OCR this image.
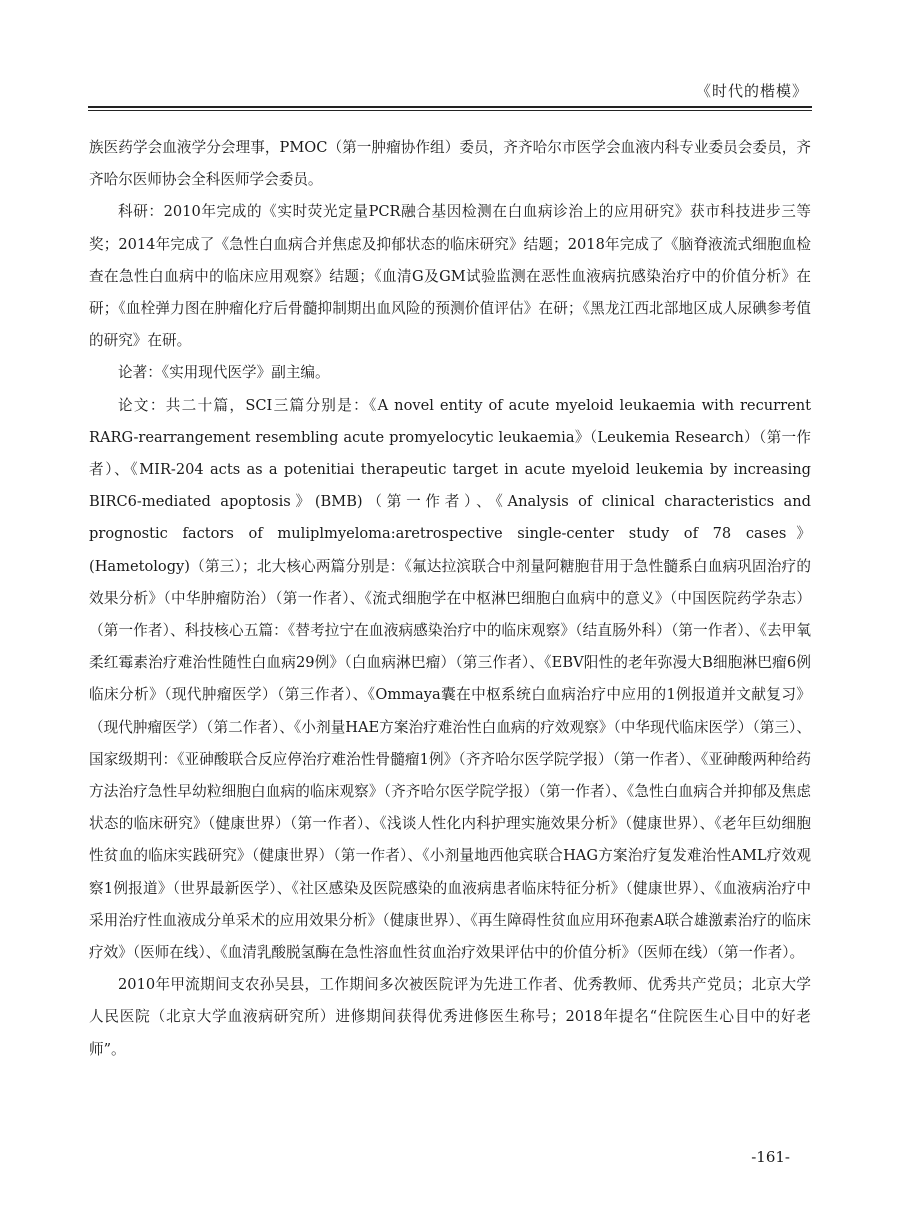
《时代的楷模》

族医药学会血液学分会理事，PMOC（第一肿瘤协作组）委员，齐齐哈尔市医学会血液内科专业委员会委员，齐齐哈尔医师协会全科医师学会委员。

科研：2010年完成的《实时荧光定量PCR融合基因检测在白血病诊治上的应用研究》获市科技进步三等奖；2014年完成了《急性白血病合并焦虑及抑郁状态的临床研究》结题；2018年完成了《脑脊液流式细胞血检查在急性白血病中的临床应用观察》结题；《血清G及GM试验监测在恶性血液病抗感染治疗中的价值分析》在研；《血栓弹力图在肿瘤化疗后骨髓抑制期出血风险的预测价值评估》在研；《黑龙江西北部地区成人尿碘参考值的研究》在研。

论著：《实用现代医学》副主编。

论文：共二十篇，SCI三篇分别是：《A novel entity of acute myeloid leukaemia with recurrent RARG-rearrangement resembling acute promyelocytic leukaemia》（Leukemia Research）（第一作者）、《MIR-204 acts as a potenitiai therapeutic target in acute myeloid leukemia by increasing BIRC6-mediated apoptosis》(BMB)（第一作者）、《Analysis of clinical characteristics and prognostic factors of muliplmyeloma:aretrospective single-center study of 78 cases》(Hametology)（第三）；北大核心两篇分别是：《氟达拉滨联合中剂量阿糖胞苷用于急性髓系白血病巩固治疗的效果分析》（中华肿瘤防治）（第一作者）、《流式细胞学在中枢淋巴细胞白血病中的意义》（中国医院药学杂志）（第一作者）、科技核心五篇：《替考拉宁在血液病感染治疗中的临床观察》（结直肠外科）（第一作者）、《去甲氧柔红霉素治疗难治性随性白血病29例》（白血病淋巴瘤）（第三作者）、《EBV阳性的老年弥漫大B细胞淋巴瘤6例临床分析》（现代肿瘤医学）（第三作者）、《Ommaya囊在中枢系统白血病治疗中应用的1例报道并文献复习》（现代肿瘤医学）（第二作者）、《小剂量HAE方案治疗难治性白血病的疗效观察》（中华现代临床医学）（第三）、国家级期刊：《亚砷酸联合反应停治疗难治性骨髓瘤1例》（齐齐哈尔医学院学报）（第一作者）、《亚砷酸两种给药方法治疗急性早幼粒细胞白血病的临床观察》（齐齐哈尔医学院学报）（第一作者）、《急性白血病合并抑郁及焦虑状态的临床研究》（健康世界）（第一作者）、《浅谈人性化内科护理实施效果分析》（健康世界）、《老年巨幼细胞性贫血的临床实践研究》（健康世界）（第一作者）、《小剂量地西他宾联合HAG方案治疗复发难治性AML疗效观察1例报道》（世界最新医学）、《社区感染及医院感染的血液病患者临床特征分析》（健康世界）、《血液病治疗中采用治疗性血液成分单采术的应用效果分析》（健康世界）、《再生障碍性贫血应用环孢素A联合雄激素治疗的临床疗效》（医师在线）、《血清乳酸脱氢酶在急性溶血性贫血治疗效果评估中的价值分析》（医师在线）（第一作者）。

2010年甲流期间支农孙吴县，工作期间多次被医院评为先进工作者、优秀教师、优秀共产党员；北京大学人民医院（北京大学血液病研究所）进修期间获得优秀进修医生称号；2018年提名“住院医生心目中的好老师”。

-161-
